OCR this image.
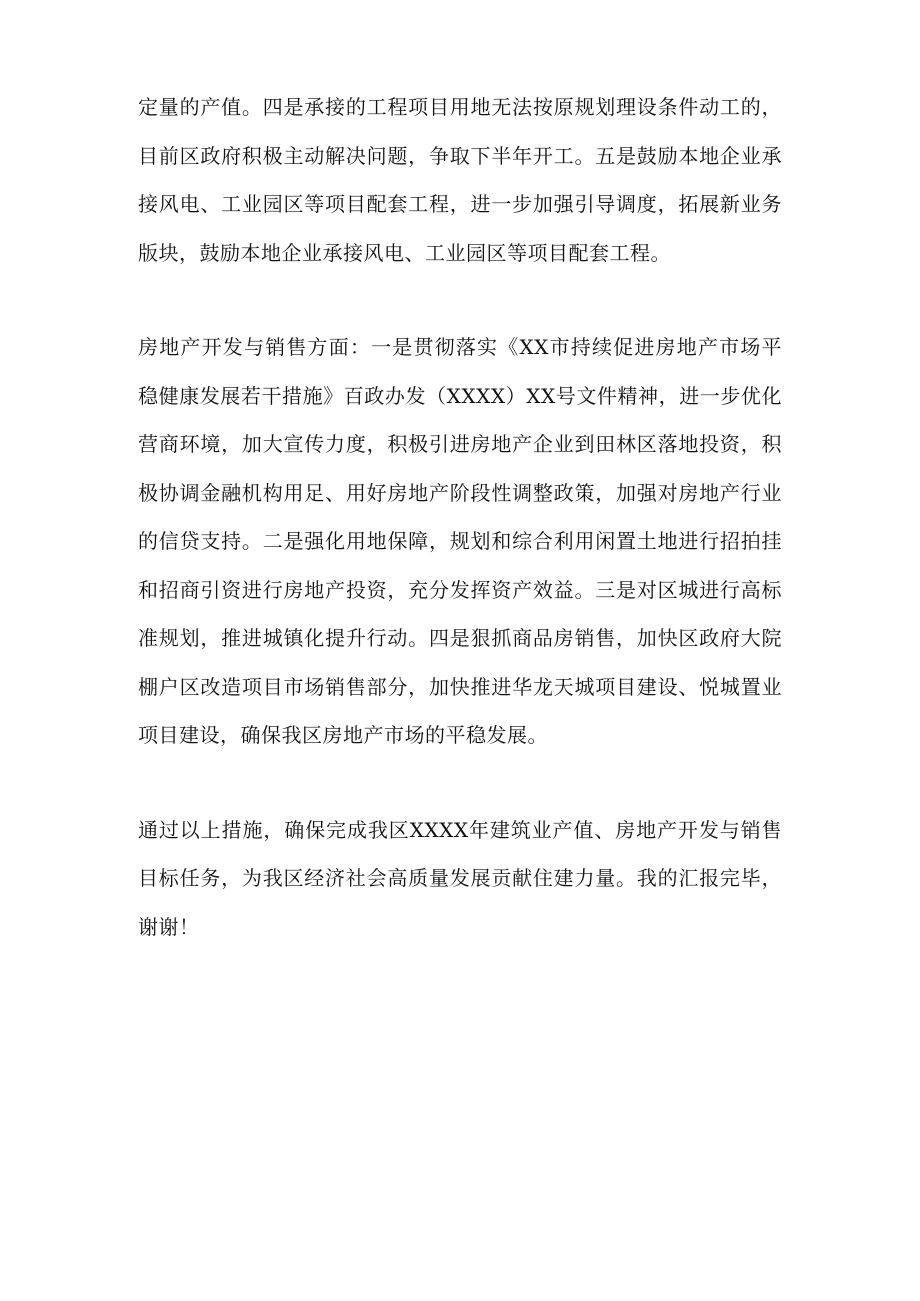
定量的产值。四是承接的工程项目用地无法按原规划理设条件动工的，目前区政府积极主动解决问题，争取下半年开工。五是鼓励本地企业承接风电、工业园区等项目配套工程，进一步加强引导调度，拓展新业务版块，鼓励本地企业承接风电、工业园区等项目配套工程。

房地产开发与销售方面：一是贯彻落实《XX市持续促进房地产市场平稳健康发展若干措施》百政办发（XXXX）XX号文件精神，进一步优化营商环境，加大宣传力度，积极引进房地产企业到田林区落地投资，积极协调金融机构用足、用好房地产阶段性调整政策，加强对房地产行业的信贷支持。二是强化用地保障，规划和综合利用闲置土地进行招拍挂和招商引资进行房地产投资，充分发挥资产效益。三是对区城进行高标准规划，推进城镇化提升行动。四是狠抓商品房销售，加快区政府大院棚户区改造项目市场销售部分，加快推进华龙天城项目建设、悦城置业项目建设，确保我区房地产市场的平稳发展。

通过以上措施，确保完成我区XXXX年建筑业产值、房地产开发与销售目标任务，为我区经济社会高质量发展贡献住建力量。我的汇报完毕，谢谢！
